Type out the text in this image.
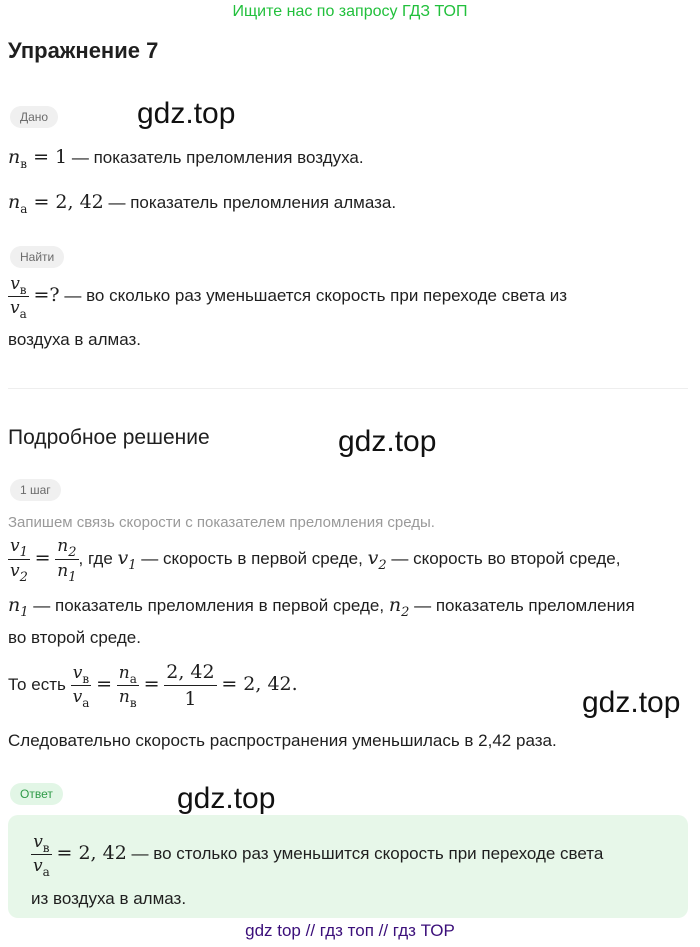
Ищите нас по запросу ГДЗ ТОП
Упражнение 7
Дано	gdz.top
$n_в = 1$ — показатель преломления воздуха.
$n_а = 2$, 42 — показатель преломления алмаза.
Найти
$\frac{v_в}{v_а}$ =? — во сколько раз уменьшается скорость при переходе света из
воздуха в алмаз.
Подробное решение	gdz.top
1 шаг
Запишем связь скорости с показателем преломления среды.
$\frac{v_1}{v_2} = \frac{n_2}{n_1}$ , где $v_1$ — скорость в первой среде, $v_2$ — скорость во второй среде,
$n_1$ — показатель преломления в первой среде, $n_2$ — показатель преломления
во второй среде.
То есть $\frac{v_в}{v_а} = \frac{n_а}{n_в} = \frac{2, 42}{1} = 2$, 42.
gdz.top
Следовательно скорость распространения уменьшилась в 2,42 раза.
Ответ	gdz.top
$\frac{v_в}{v_а} = 2$, 42 — во столько раз уменьшится скорость при переходе света
из воздуха в алмаз.
gdz top // гдз топ // гдз ТОР
